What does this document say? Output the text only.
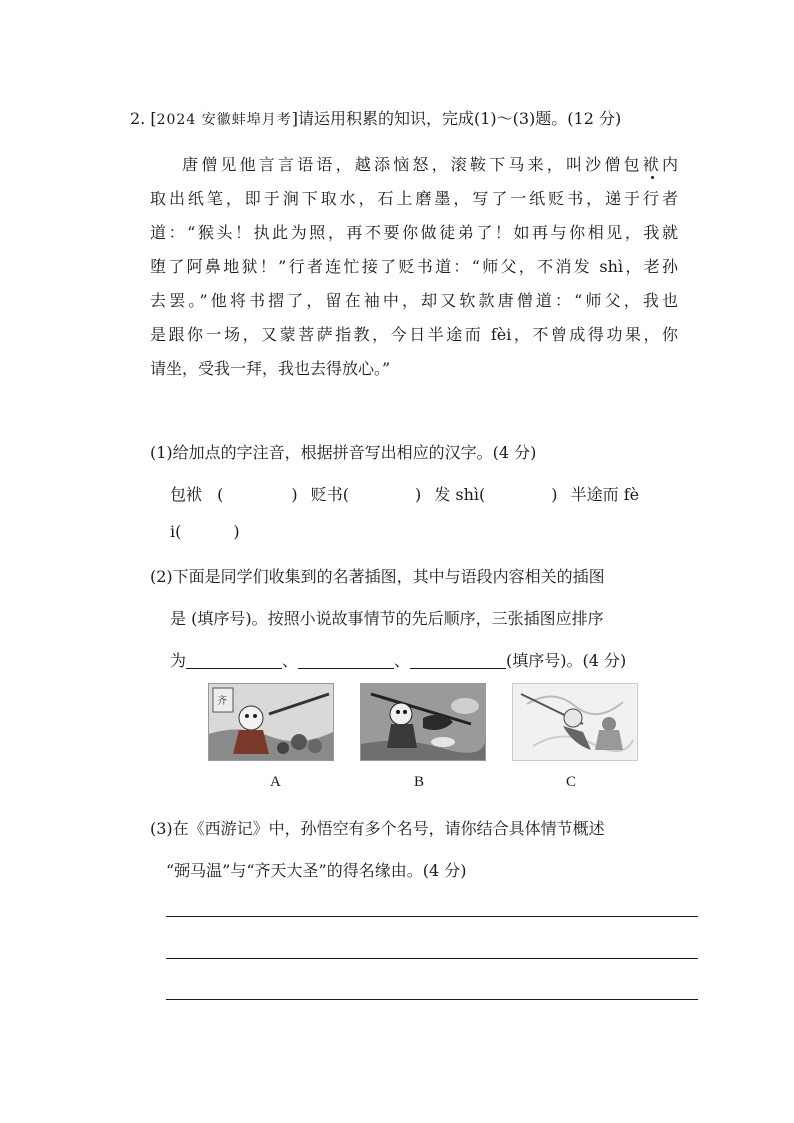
2. [2024 安徽蚌埠月考]请运用积累的知识，完成(1)～(3)题。(12 分)

唐僧见他言言语语，越添恼怒，滚鞍下马来，叫沙僧包袱内

取出纸笔，即于涧下取水，石上磨墨，写了一纸贬书，递于行者

道：“猴头！执此为照，再不要你做徒弟了！如再与你相见，我就

堕了阿鼻地狱！”行者连忙接了贬书道：“师父，不消发 shì，老孙

去罢。”他将书摺了，留在袖中，却又软款唐僧道：“师父，我也

是跟你一场，又蒙菩萨指教，今日半途而 fèi，不曾成得功果，你

请坐，受我一拜，我也去得放心。”

(1)给加点的字注音，根据拼音写出相应的汉字。(4 分)
包袱 (	) 贬书(	) 发 shì(	) 半途而 fè
i(	)
(2)下面是同学们收集到的名著插图，其中与语段内容相关的插图
是 (填序号)。按照小说故事情节的先后顺序，三张插图应排序
为	、	、	(填序号)。(4 分)
齐
A	B	C
(3)在《西游记》中，孙悟空有多个名号，请你结合具体情节概述
“弼马温”与“齐天大圣”的得名缘由。(4 分)
